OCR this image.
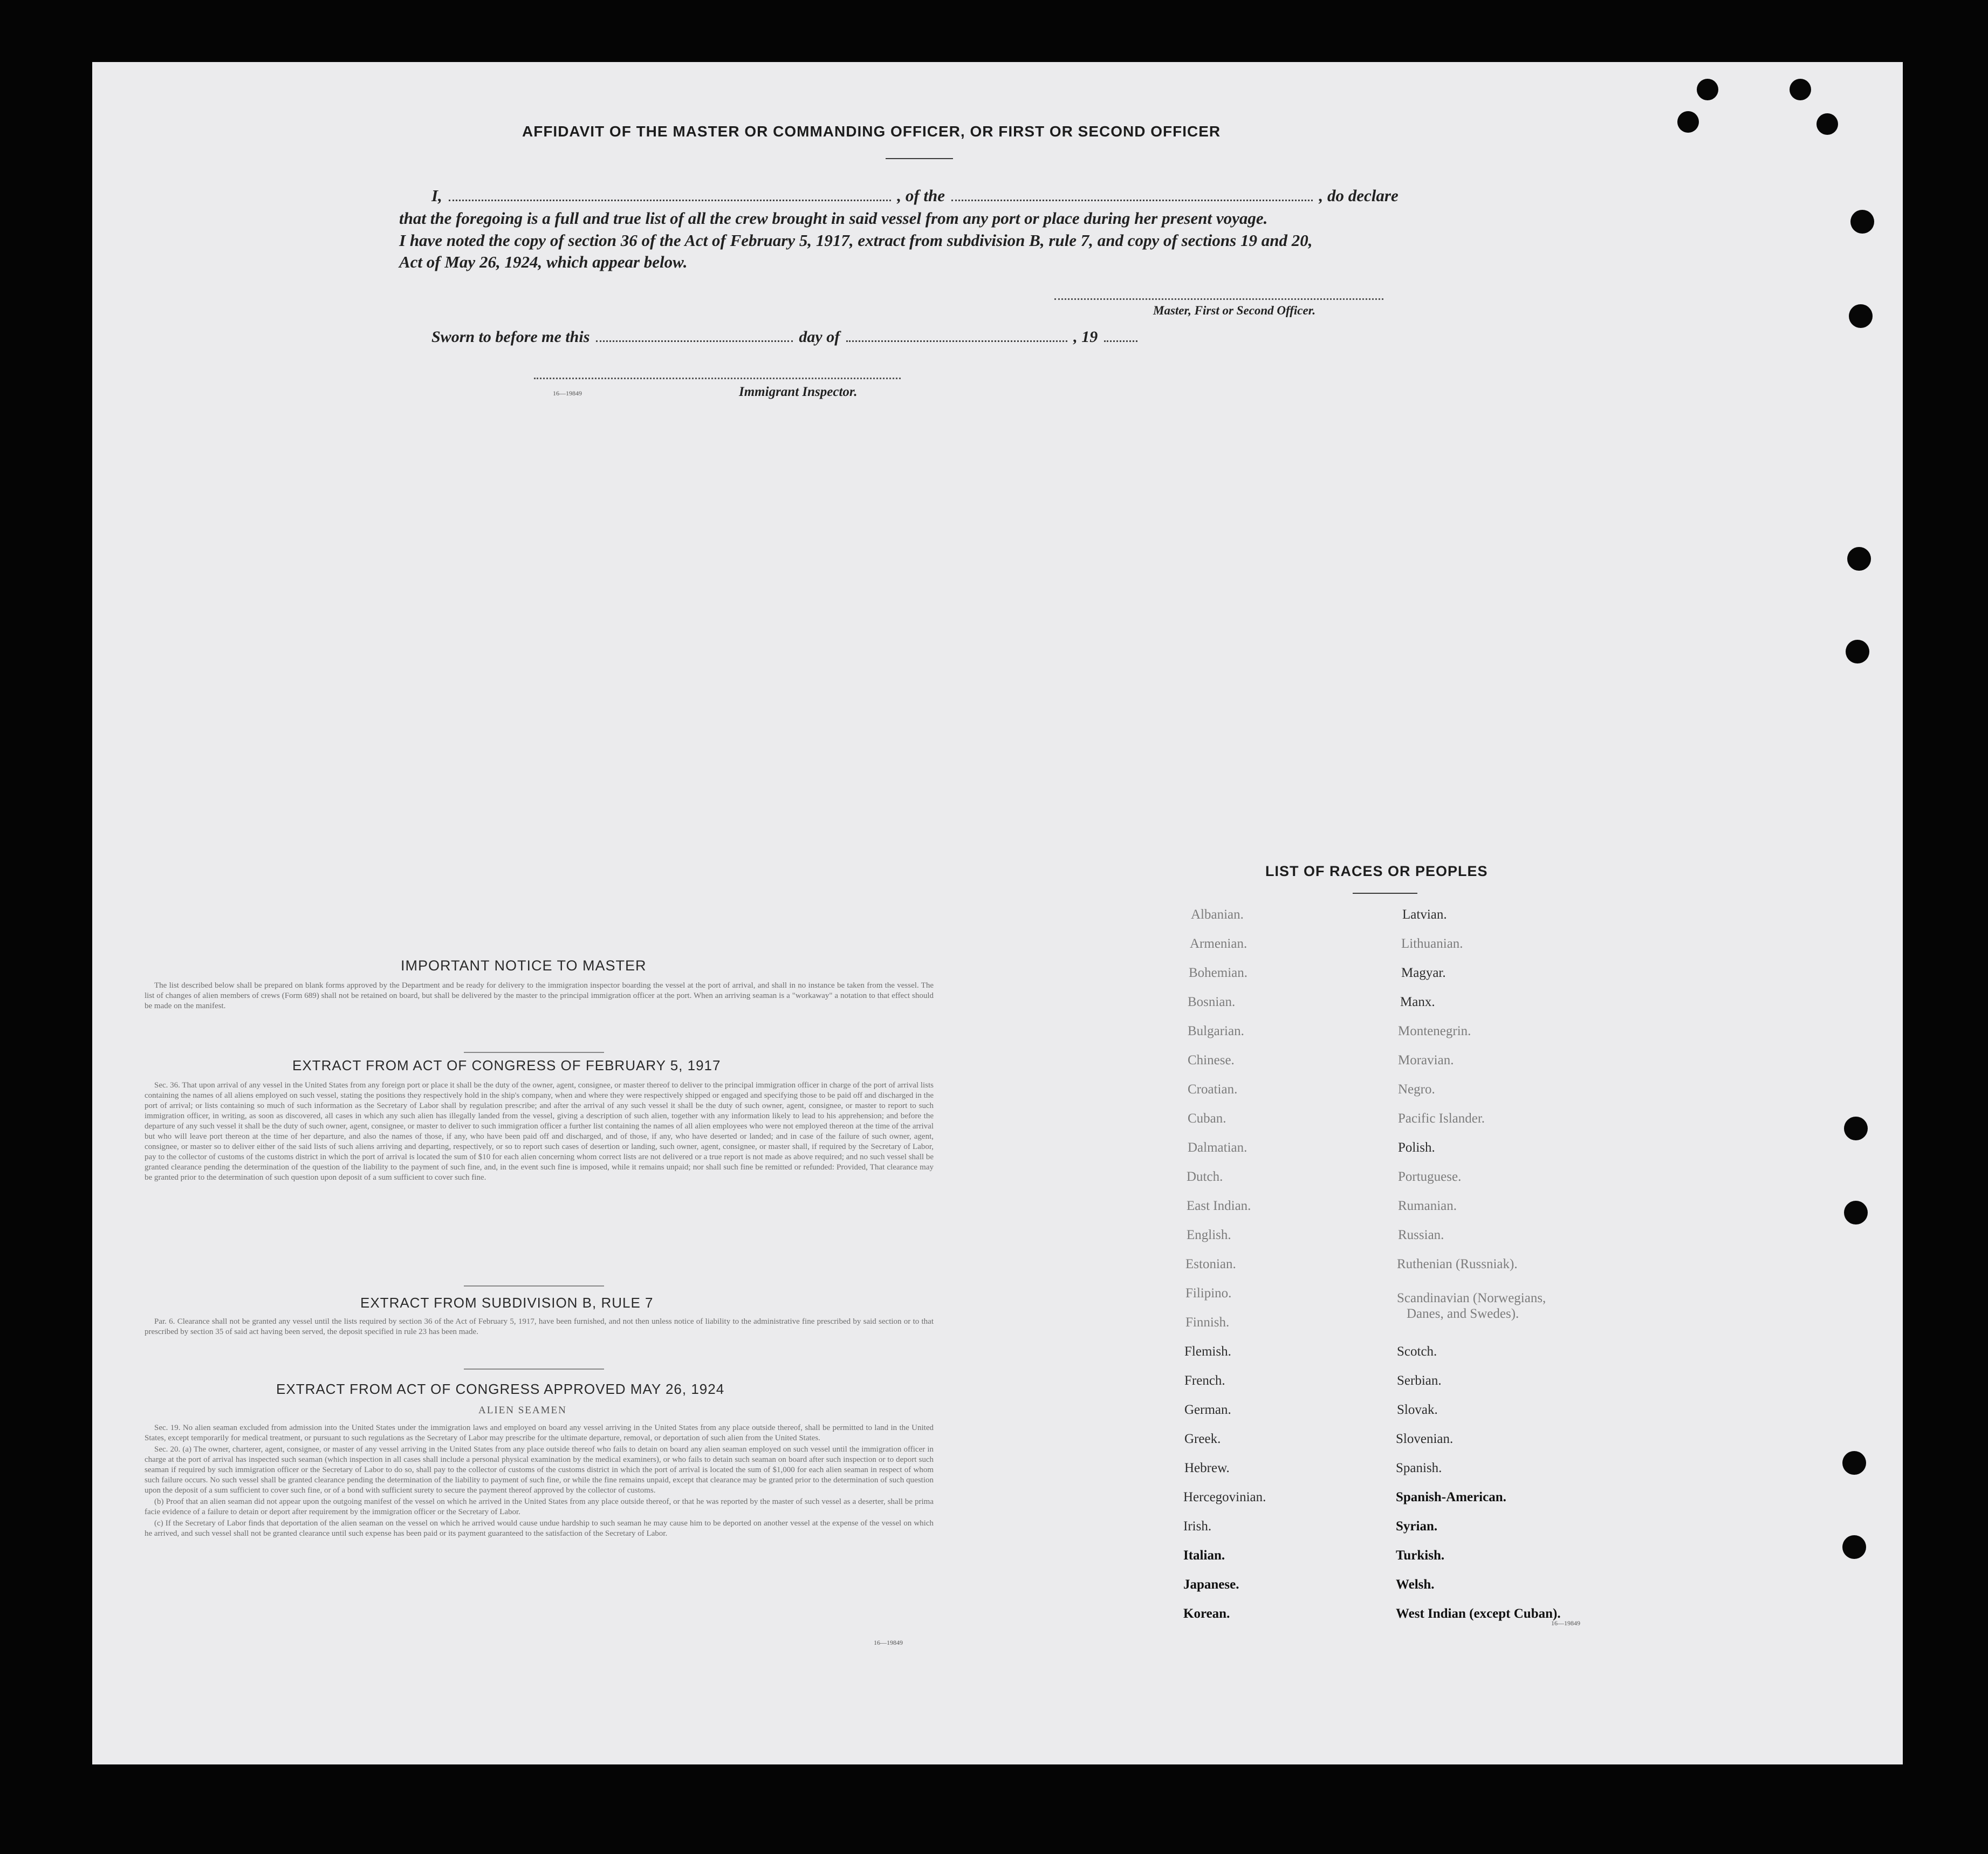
AFFIDAVIT OF THE MASTER OR COMMANDING OFFICER, OR FIRST OR SECOND OFFICER
I,	, of the	, do declare
that the foregoing is a full and true list of all the crew brought in said vessel from any port or place during her present voyage.
I have noted the copy of section 36 of the Act of February 5, 1917, extract from subdivision B, rule 7, and copy of sections 19 and 20,
Act of May 26, 1924, which appear below.
Master, First or Second Officer.
Sworn to before me this	day of	, 19
16—19849	Immigrant Inspector.
IMPORTANT NOTICE TO MASTER

The list described below shall be prepared on blank forms approved by the Department and be ready for delivery to the immigration inspector boarding the vessel at the port of arrival, and shall in no instance be taken from the vessel. The list of changes of alien members of crews (Form 689) shall not be retained on board, but shall be delivered by the master to the principal immigration officer at the port. When an arriving seaman is a "workaway" a notation to that effect should be made on the manifest.

EXTRACT FROM ACT OF CONGRESS OF FEBRUARY 5, 1917

Sec. 36. That upon arrival of any vessel in the United States from any foreign port or place it shall be the duty of the owner, agent, consignee, or master thereof to deliver to the principal immigration officer in charge of the port of arrival lists containing the names of all aliens employed on such vessel, stating the positions they respectively hold in the ship's company, when and where they were respectively shipped or engaged and specifying those to be paid off and discharged in the port of arrival; or lists containing so much of such information as the Secretary of Labor shall by regulation prescribe; and after the arrival of any such vessel it shall be the duty of such owner, agent, consignee, or master to report to such immigration officer, in writing, as soon as discovered, all cases in which any such alien has illegally landed from the vessel, giving a description of such alien, together with any information likely to lead to his apprehension; and before the departure of any such vessel it shall be the duty of such owner, agent, consignee, or master to deliver to such immigration officer a further list containing the names of all alien employees who were not employed thereon at the time of the arrival but who will leave port thereon at the time of her departure, and also the names of those, if any, who have been paid off and discharged, and of those, if any, who have deserted or landed; and in case of the failure of such owner, agent, consignee, or master so to deliver either of the said lists of such aliens arriving and departing, respectively, or so to report such cases of desertion or landing, such owner, agent, consignee, or master shall, if required by the Secretary of Labor, pay to the collector of customs of the customs district in which the port of arrival is located the sum of $10 for each alien concerning whom correct lists are not delivered or a true report is not made as above required; and no such vessel shall be granted clearance pending the determination of the question of the liability to the payment of such fine, and, in the event such fine is imposed, while it remains unpaid; nor shall such fine be remitted or refunded: Provided, That clearance may be granted prior to the determination of such question upon deposit of a sum sufficient to cover such fine.

EXTRACT FROM SUBDIVISION B, RULE 7

Par. 6. Clearance shall not be granted any vessel until the lists required by section 36 of the Act of February 5, 1917, have been furnished, and not then unless notice of liability to the administrative fine prescribed by said section or to that prescribed by section 35 of said act having been served, the deposit specified in rule 23 has been made.

EXTRACT FROM ACT OF CONGRESS APPROVED MAY 26, 1924
ALIEN SEAMEN

Sec. 19. No alien seaman excluded from admission into the United States under the immigration laws and employed on board any vessel arriving in the United States from any place outside thereof, shall be permitted to land in the United States, except temporarily for medical treatment, or pursuant to such regulations as the Secretary of Labor may prescribe for the ultimate departure, removal, or deportation of such alien from the United States.

Sec. 20. (a) The owner, charterer, agent, consignee, or master of any vessel arriving in the United States from any place outside thereof who fails to detain on board any alien seaman employed on such vessel until the immigration officer in charge at the port of arrival has inspected such seaman (which inspection in all cases shall include a personal physical examination by the medical examiners), or who fails to detain such seaman on board after such inspection or to deport such seaman if required by such immigration officer or the Secretary of Labor to do so, shall pay to the collector of customs of the customs district in which the port of arrival is located the sum of $1,000 for each alien seaman in respect of whom such failure occurs. No such vessel shall be granted clearance pending the determination of the liability to payment of such fine, or while the fine remains unpaid, except that clearance may be granted prior to the determination of such question upon the deposit of a sum sufficient to cover such fine, or of a bond with sufficient surety to secure the payment thereof approved by the collector of customs.

(b) Proof that an alien seaman did not appear upon the outgoing manifest of the vessel on which he arrived in the United States from any place outside thereof, or that he was reported by the master of such vessel as a deserter, shall be prima facie evidence of a failure to detain or deport after requirement by the immigration officer or the Secretary of Labor.

(c) If the Secretary of Labor finds that deportation of the alien seaman on the vessel on which he arrived would cause undue hardship to such seaman he may cause him to be deported on another vessel at the expense of the vessel on which he arrived, and such vessel shall not be granted clearance until such expense has been paid or its payment guaranteed to the satisfaction of the Secretary of Labor.

16—19849
LIST OF RACES OR PEOPLES
Albanian.
Armenian.
Bohemian.
Bosnian.
Bulgarian.
Chinese.
Croatian.
Cuban.
Dalmatian.
Dutch.
East Indian.
English.
Estonian.
Filipino.
Finnish.
Flemish.
French.
German.
Greek.
Hebrew.
Hercegovinian.
Irish.
Italian.
Japanese.
Korean.
Latvian.
Lithuanian.
Magyar.
Manx.
Montenegrin.
Moravian.
Negro.
Pacific Islander.
Polish.
Portuguese.
Rumanian.
Russian.
Ruthenian (Russniak).
Scandinavian (Norwegians,
Danes, and Swedes).
Scotch.
Serbian.
Slovak.
Slovenian.
Spanish.
Spanish-American.
Syrian.
Turkish.
Welsh.
West Indian (except Cuban).
16—19849
